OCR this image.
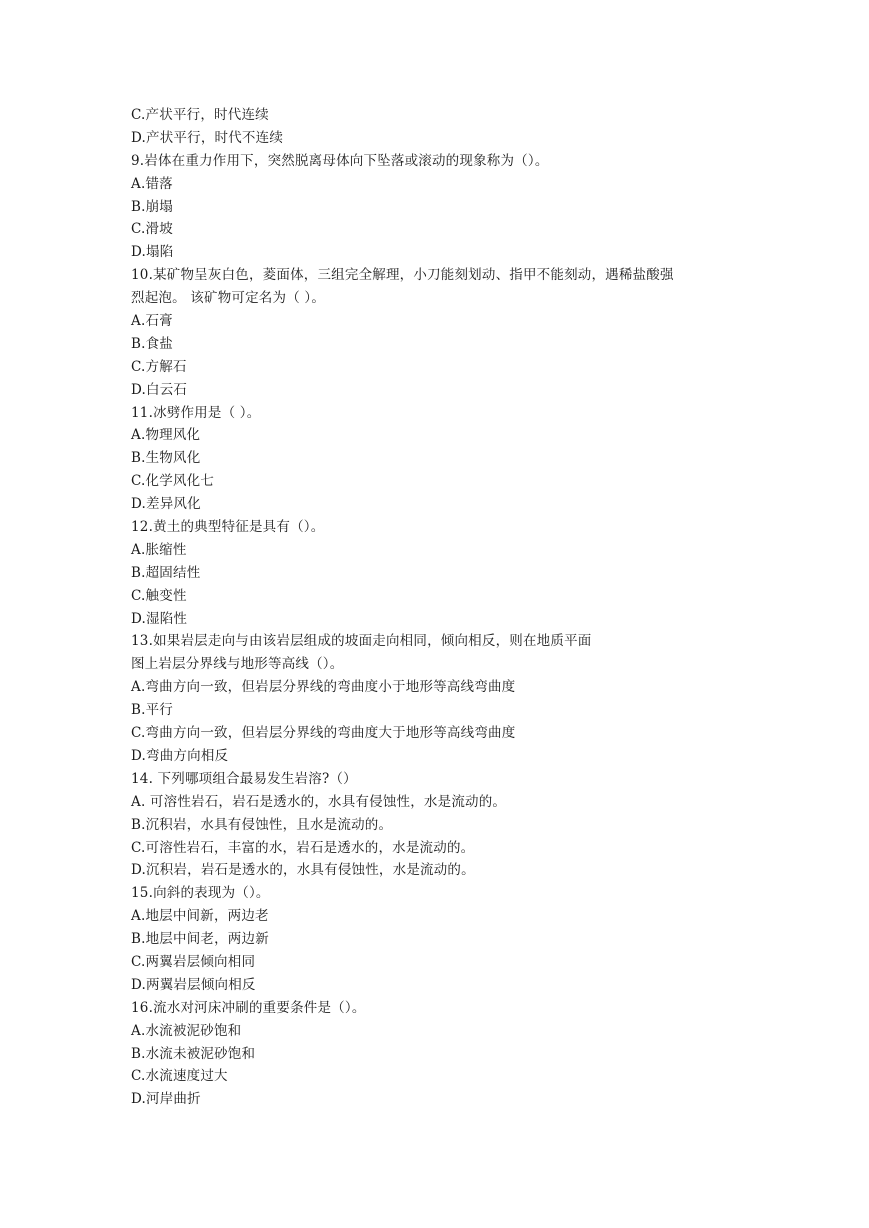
C.产状平行，时代连续
D.产状平行，时代不连续
9.岩体在重力作用下，突然脱离母体向下坠落或滚动的现象称为（）。
A.错落
B.崩塌
C.滑坡
D.塌陷
10.某矿物呈灰白色，菱面体，三组完全解理，小刀能刻划动、指甲不能刻动，遇稀盐酸强
烈起泡。 该矿物可定名为（ ）。
A.石膏
B.食盐
C.方解石
D.白云石
11.冰劈作用是（ ）。
A.物理风化
B.生物风化
C.化学风化七
D.差异风化
12.黄土的典型特征是具有（）。
A.胀缩性
B.超固结性
C.触变性
D.湿陷性
13.如果岩层走向与由该岩层组成的坡面走向相同，倾向相反，则在地质平面
图上岩层分界线与地形等高线（）。
A.弯曲方向一致，但岩层分界线的弯曲度小于地形等高线弯曲度
B.平行
C.弯曲方向一致，但岩层分界线的弯曲度大于地形等高线弯曲度
D.弯曲方向相反
14. 下列哪项组合最易发生岩溶?（）
A. 可溶性岩石，岩石是透水的，水具有侵蚀性，水是流动的。
B.沉积岩，水具有侵蚀性，且水是流动的。
C.可溶性岩石，丰富的水，岩石是透水的，水是流动的。
D.沉积岩，岩石是透水的，水具有侵蚀性，水是流动的。
15.向斜的表现为（）。
A.地层中间新，两边老
B.地层中间老，两边新
C.两翼岩层倾向相同
D.两翼岩层倾向相反
16.流水对河床冲刷的重要条件是（）。
A.水流被泥砂饱和
B.水流未被泥砂饱和
C.水流速度过大
D.河岸曲折
